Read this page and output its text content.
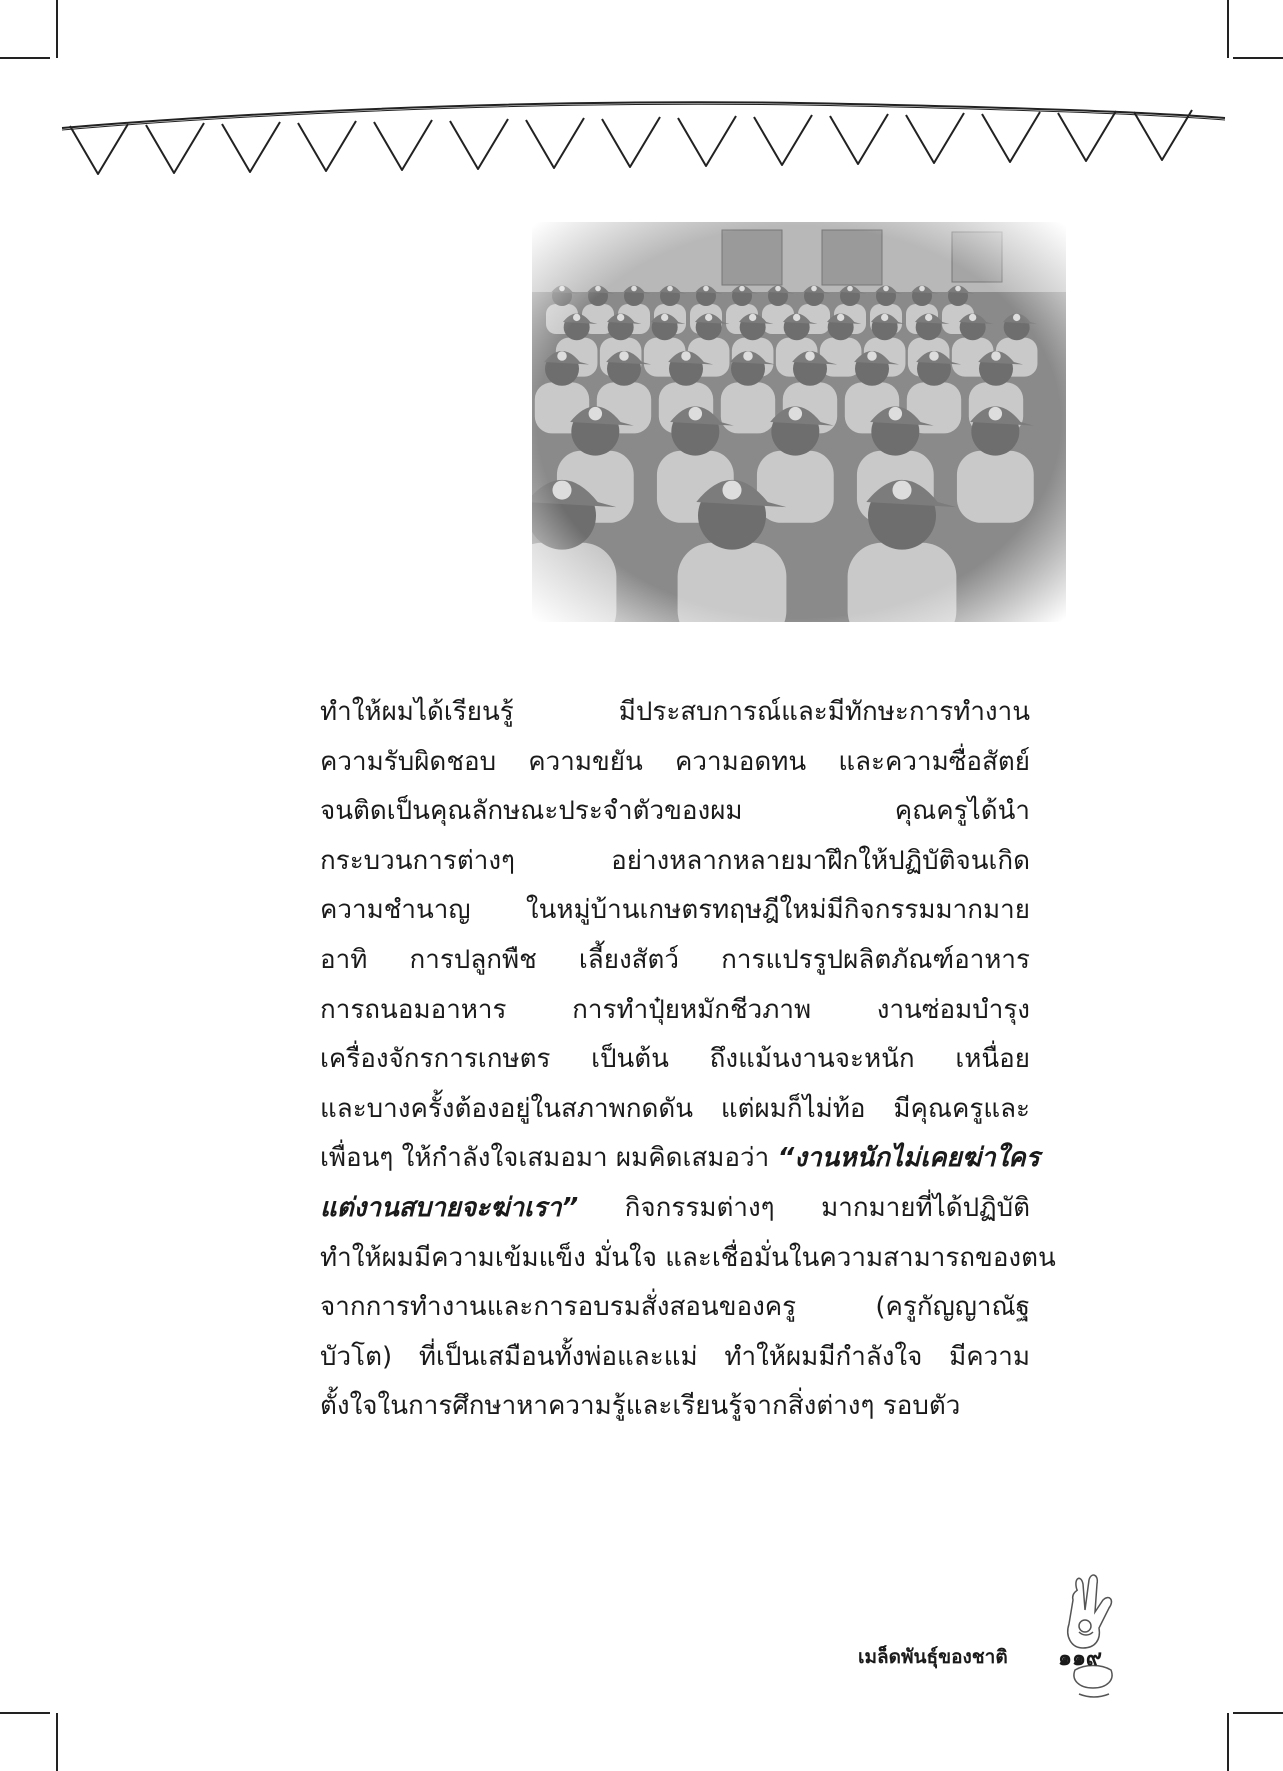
ทำให้ผมได้เรียนรู้ มีประสบการณ์และมีทักษะการทำงาน
ความรับผิดชอบ ความขยัน ความอดทน และความซื่อสัตย์
จนติดเป็นคุณลักษณะประจำตัวของผม คุณครูได้นำ
กระบวนการต่างๆ อย่างหลากหลายมาฝึกให้ปฏิบัติจนเกิด
ความชำนาญ ในหมู่บ้านเกษตรทฤษฎีใหม่มีกิจกรรมมากมาย
อาทิ การปลูกพืช เลี้ยงสัตว์ การแปรรูปผลิตภัณฑ์อาหาร
การถนอมอาหาร การทำปุ๋ยหมักชีวภาพ งานซ่อมบำรุง
เครื่องจักรการเกษตร เป็นต้น ถึงแม้นงานจะหนัก เหนื่อย
และบางครั้งต้องอยู่ในสภาพกดดัน แต่ผมก็ไม่ท้อ มีคุณครูและ
เพื่อนๆ ให้กำลังใจเสมอมา ผมคิดเสมอว่า “งานหนักไม่เคยฆ่าใคร
แต่งานสบายจะฆ่าเรา” กิจกรรมต่างๆ มากมายที่ได้ปฏิบัติ
ทำให้ผมมีความเข้มแข็ง มั่นใจ และเชื่อมั่นในความสามารถของตน
จากการทำงานและการอบรมสั่งสอนของครู (ครูกัญญาณัฐ
บัวโต) ที่เป็นเสมือนทั้งพ่อและแม่ ทำให้ผมมีกำลังใจ มีความ
ตั้งใจในการศึกษาหาความรู้และเรียนรู้จากสิ่งต่างๆ รอบตัว
เมล็ดพันธุ์ของชาติ ๑๑๙
